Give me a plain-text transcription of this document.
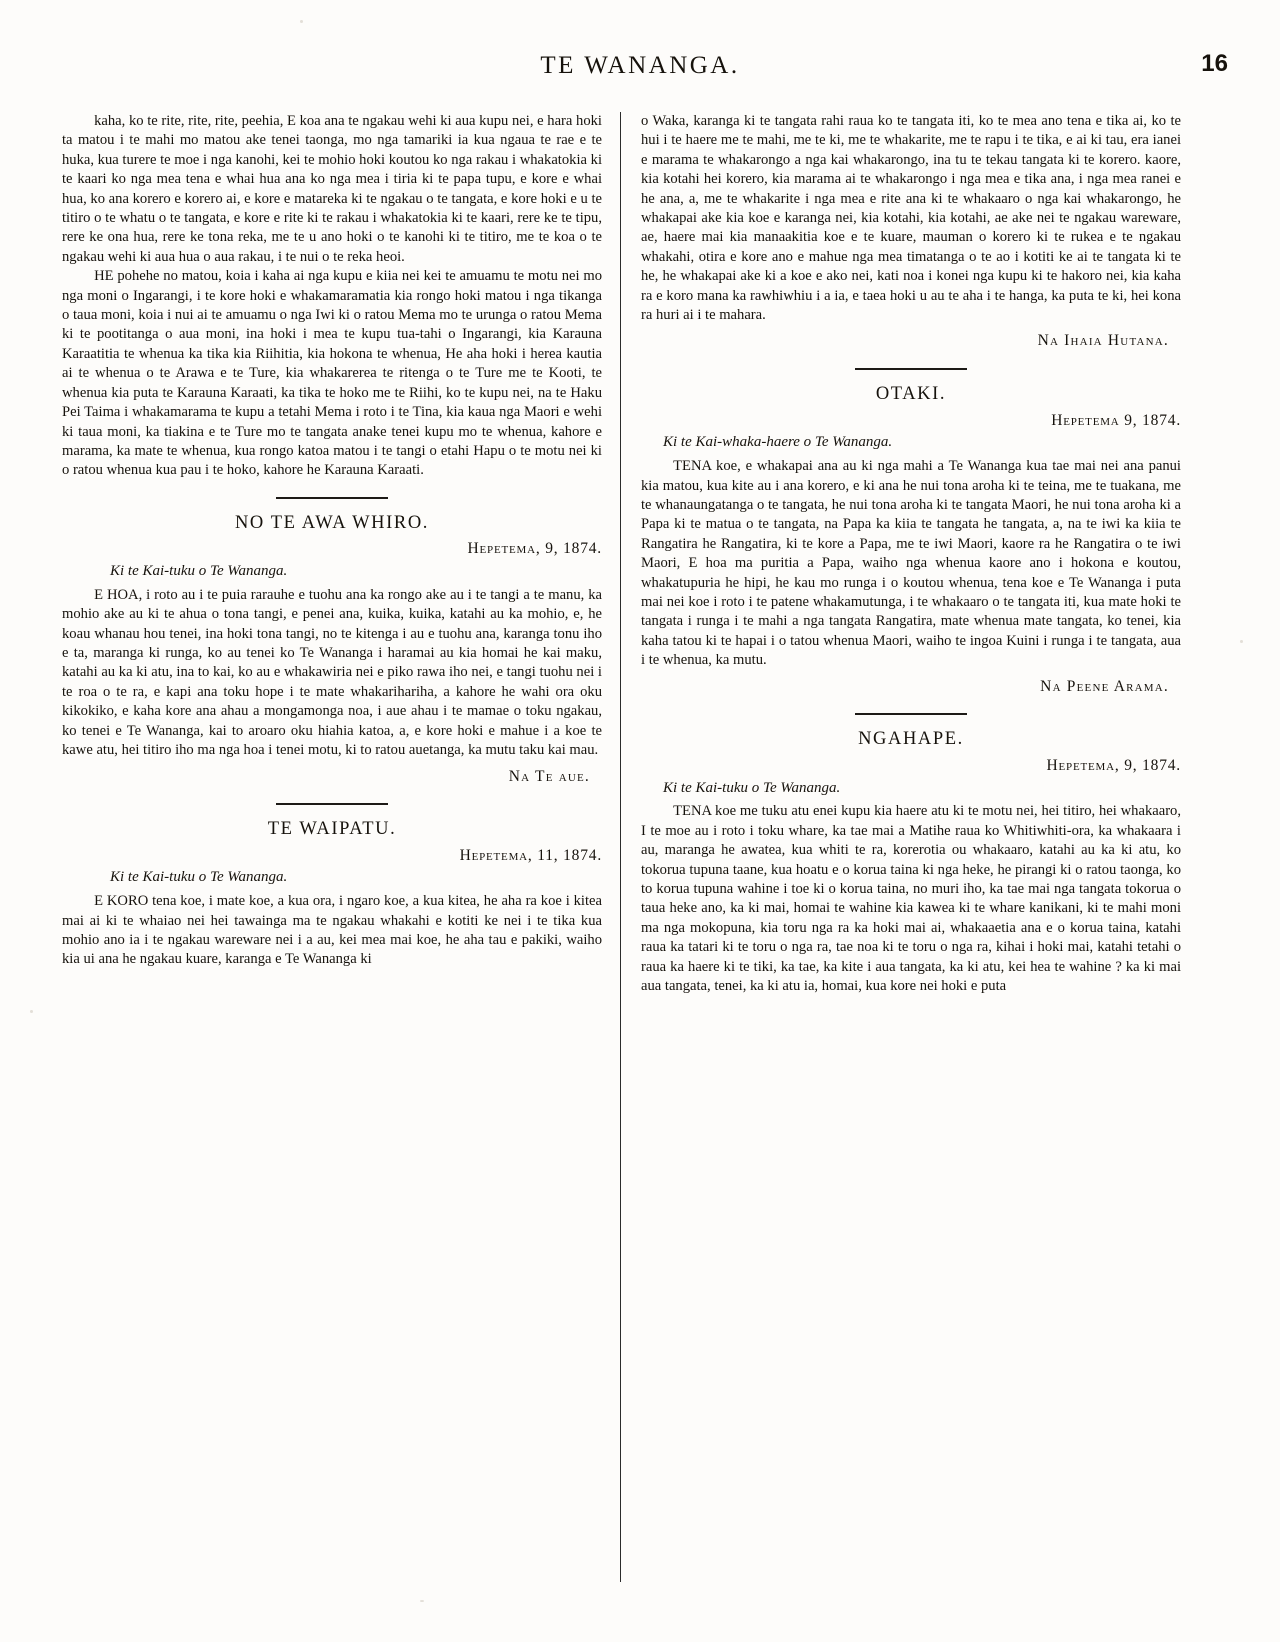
TE WANANGA.	16

kaha, ko te rite, rite, rite, peehia, E koa ana te ngakau wehi ki aua kupu nei, e hara hoki ta matou i te mahi mo matou ake tenei taonga, mo nga tamariki ia kua ngaua te rae e te huka, kua turere te moe i nga kanohi, kei te mohio hoki koutou ko nga rakau i whakatokia ki te kaari ko nga mea tena e whai hua ana ko nga mea i tiria ki te papa tupu, e kore e whai hua, ko ana korero e korero ai, e kore e matareka ki te ngakau o te tangata, e kore hoki e u te titiro o te whatu o te tangata, e kore e rite ki te rakau i whakatokia ki te kaari, rere ke te tipu, rere ke ona hua, rere ke tona reka, me te u ano hoki o te kanohi ki te titiro, me te koa o te ngakau wehi ki aua hua o aua rakau, i te nui o te reka heoi.

HE pohehe no matou, koia i kaha ai nga kupu e kiia nei kei te amuamu te motu nei mo nga moni o Ingarangi, i te kore hoki e whakamaramatia kia rongo hoki matou i nga tikanga o taua moni, koia i nui ai te amuamu o nga Iwi ki o ratou Mema mo te urunga o ratou Mema ki te pootitanga o aua moni, ina hoki i mea te kupu tua-tahi o Ingarangi, kia Karauna Karaatitia te whenua ka tika kia Riihitia, kia hokona te whenua, He aha hoki i herea kautia ai te whenua o te Arawa e te Ture, kia whakarerea te ritenga o te Ture me te Kooti, te whenua kia puta te Karauna Karaati, ka tika te hoko me te Riihi, ko te kupu nei, na te Haku Pei Taima i whakamarama te kupu a tetahi Mema i roto i te Tina, kia kaua nga Maori e wehi ki taua moni, ka tiakina e te Ture mo te tangata anake tenei kupu mo te whenua, kahore e marama, ka mate te whenua, kua rongo katoa matou i te tangi o etahi Hapu o te motu nei ki o ratou whenua kua pau i te hoko, kahore he Karauna Karaati.

NO TE AWA WHIRO.
Hepetema, 9, 1874.
Ki te Kai-tuku o Te Wananga.

E HOA, i roto au i te puia rarauhe e tuohu ana ka rongo ake au i te tangi a te manu, ka mohio ake au ki te ahua o tona tangi, e penei ana, kuika, kuika, katahi au ka mohio, e, he koau whanau hou tenei, ina hoki tona tangi, no te kitenga i au e tuohu ana, karanga tonu iho e ta, maranga ki runga, ko au tenei ko Te Wananga i haramai au kia homai he kai maku, katahi au ka ki atu, ina to kai, ko au e whakawiria nei e piko rawa iho nei, e tangi tuohu nei i te roa o te ra, e kapi ana toku hope i te mate whakarihariha, a kahore he wahi ora oku kikokiko, e kaha kore ana ahau a mongamonga noa, i aue ahau i te mamae o toku ngakau, ko tenei e Te Wananga, kai to aroaro oku hiahia katoa, a, e kore hoki e mahue i a koe te kawe atu, hei titiro iho ma nga hoa i tenei motu, ki to ratou auetanga, ka mutu taku kai mau.

Na Te aue.
TE WAIPATU.
Hepetema, 11, 1874.
Ki te Kai-tuku o Te Wananga.

E KORO tena koe, i mate koe, a kua ora, i ngaro koe, a kua kitea, he aha ra koe i kitea mai ai ki te whaiao nei hei tawainga ma te ngakau whakahi e kotiti ke nei i te tika kua mohio ano ia i te ngakau wareware nei i a au, kei mea mai koe, he aha tau e pakiki, waiho kia ui ana he ngakau kuare, karanga e Te Wananga ki

o Waka, karanga ki te tangata rahi raua ko te tangata iti, ko te mea ano tena e tika ai, ko te hui i te haere me te mahi, me te ki, me te whakarite, me te rapu i te tika, e ai ki tau, era ianei e marama te whakarongo a nga kai whakarongo, ina tu te tekau tangata ki te korero. kaore, kia kotahi hei korero, kia marama ai te whakarongo i nga mea e tika ana, i nga mea ranei e he ana, a, me te whakarite i nga mea e rite ana ki te whakaaro o nga kai whakarongo, he whakapai ake kia koe e karanga nei, kia kotahi, kia kotahi, ae ake nei te ngakau wareware, ae, haere mai kia manaakitia koe e te kuare, mauman o korero ki te rukea e te ngakau whakahi, otira e kore ano e mahue nga mea timatanga o te ao i kotiti ke ai te tangata ki te he, he whakapai ake ki a koe e ako nei, kati noa i konei nga kupu ki te hakoro nei, kia kaha ra e koro mana ka rawhiwhiu i a ia, e taea hoki u au te aha i te hanga, ka puta te ki, hei kona ra huri ai i te mahara.

Na Ihaia Hutana.
OTAKI.
Hepetema 9, 1874.
Ki te Kai-whaka-haere o Te Wananga.

TENA koe, e whakapai ana au ki nga mahi a Te Wananga kua tae mai nei ana panui kia matou, kua kite au i ana korero, e ki ana he nui tona aroha ki te teina, me te tuakana, me te whanaungatanga o te tangata, he nui tona aroha ki te tangata Maori, he nui tona aroha ki a Papa ki te matua o te tangata, na Papa ka kiia te tangata he tangata, a, na te iwi ka kiia te Rangatira he Rangatira, ki te kore a Papa, me te iwi Maori, kaore ra he Rangatira o te iwi Maori, E hoa ma puritia a Papa, waiho nga whenua kaore ano i hokona e koutou, whakatupuria he hipi, he kau mo runga i o koutou whenua, tena koe e Te Wananga i puta mai nei koe i roto i te patene whakamutunga, i te whakaaro o te tangata iti, kua mate hoki te tangata i runga i te mahi a nga tangata Rangatira, mate whenua mate tangata, ko tenei, kia kaha tatou ki te hapai i o tatou whenua Maori, waiho te ingoa Kuini i runga i te tangata, aua i te whenua, ka mutu.

Na Peene Arama.
NGAHAPE.
Hepetema, 9, 1874.
Ki te Kai-tuku o Te Wananga.

TENA koe me tuku atu enei kupu kia haere atu ki te motu nei, hei titiro, hei whakaaro, I te moe au i roto i toku whare, ka tae mai a Matihe raua ko Whitiwhiti-ora, ka whakaara i au, maranga he awatea, kua whiti te ra, korerotia ou whakaaro, katahi au ka ki atu, ko tokorua tupuna taane, kua hoatu e o korua taina ki nga heke, he pirangi ki o ratou taonga, ko to korua tupuna wahine i toe ki o korua taina, no muri iho, ka tae mai nga tangata tokorua o taua heke ano, ka ki mai, homai te wahine kia kawea ki te whare kanikani, ki te mahi moni ma nga mokopuna, kia toru nga ra ka hoki mai ai, whakaaetia ana e o korua taina, katahi raua ka tatari ki te toru o nga ra, tae noa ki te toru o nga ra, kihai i hoki mai, katahi tetahi o raua ka haere ki te tiki, ka tae, ka kite i aua tangata, ka ki atu, kei hea te wahine ? ka ki mai aua tangata, tenei, ka ki atu ia, homai, kua kore nei hoki e puta
